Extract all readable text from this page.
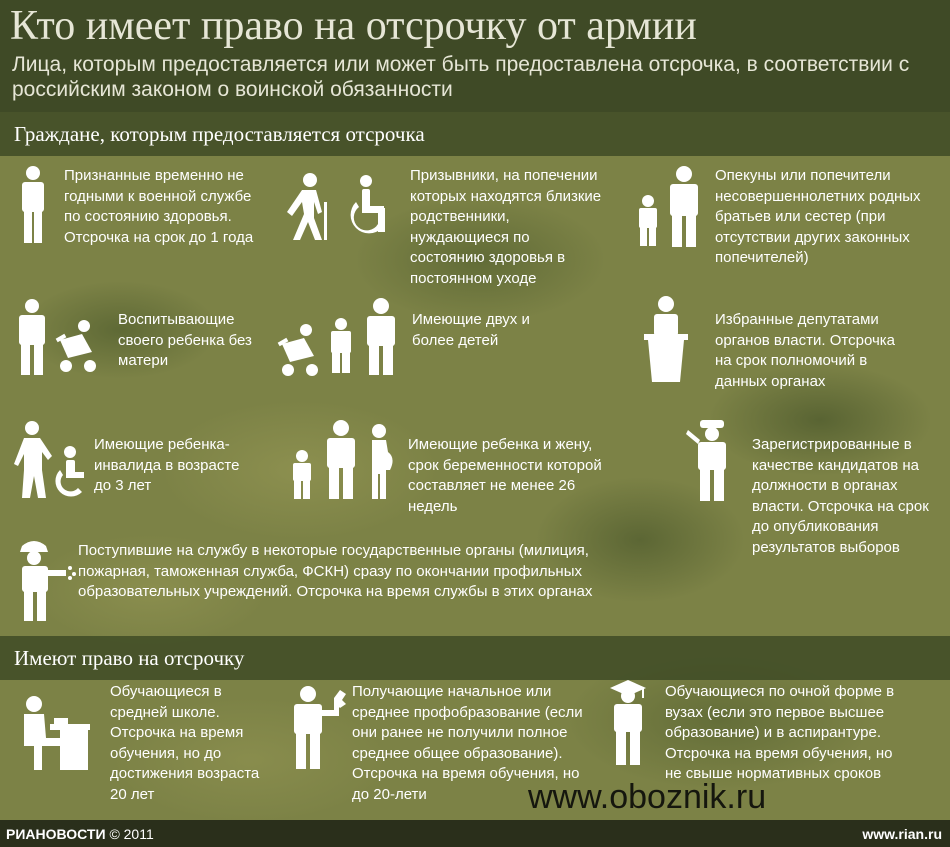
Кто имеет право на отсрочку от армии
Лица, которым предоставляется или может быть предоставлена отсрочка, в соответствии с российским законом о воинской обязанности
Граждане, которым предоставляется отсрочка
Признанные временно не годными к военной службе по состоянию здоровья. Отсрочка на срок до 1 года
Призывники, на попечении которых находятся близкие родственники, нуждающиеся по состоянию здоровья в постоянном уходе
Опекуны или попечители несовершеннолетних родных братьев или сестер (при отсутствии других законных попечителей)
Воспитывающие своего ребенка без матери
Имеющие двух и более детей
Избранные депутатами органов власти. Отсрочка на срок полномочий в данных органах
Имеющие ребенка-инвалида в возрасте до 3 лет
Имеющие ребенка и жену, срок беременности которой составляет не менее 26 недель
Зарегистрированные в качестве кандидатов на должности в органах власти. Отсрочка на срок до опубликования результатов выборов
Поступившие на службу в некоторые государственные органы (милиция, пожарная, таможенная служба, ФСКН) сразу по окончании профильных образовательных учреждений. Отсрочка на время службы в этих органах
Имеют право на отсрочку
Обучающиеся в средней школе. Отсрочка на время обучения, но до достижения возраста 20 лет
Получающие начальное или среднее профобразование (если они ранее не получили полное среднее общее образование). Отсрочка на время обучения, но до 20-лети
Обучающиеся по очной форме в вузах (если это первое высшее образование) и в аспирантуре. Отсрочка на время обучения, но не свыше нормативных сроков
www.oboznik.ru
РИАНОВОСТИ © 2011	www.rian.ru
